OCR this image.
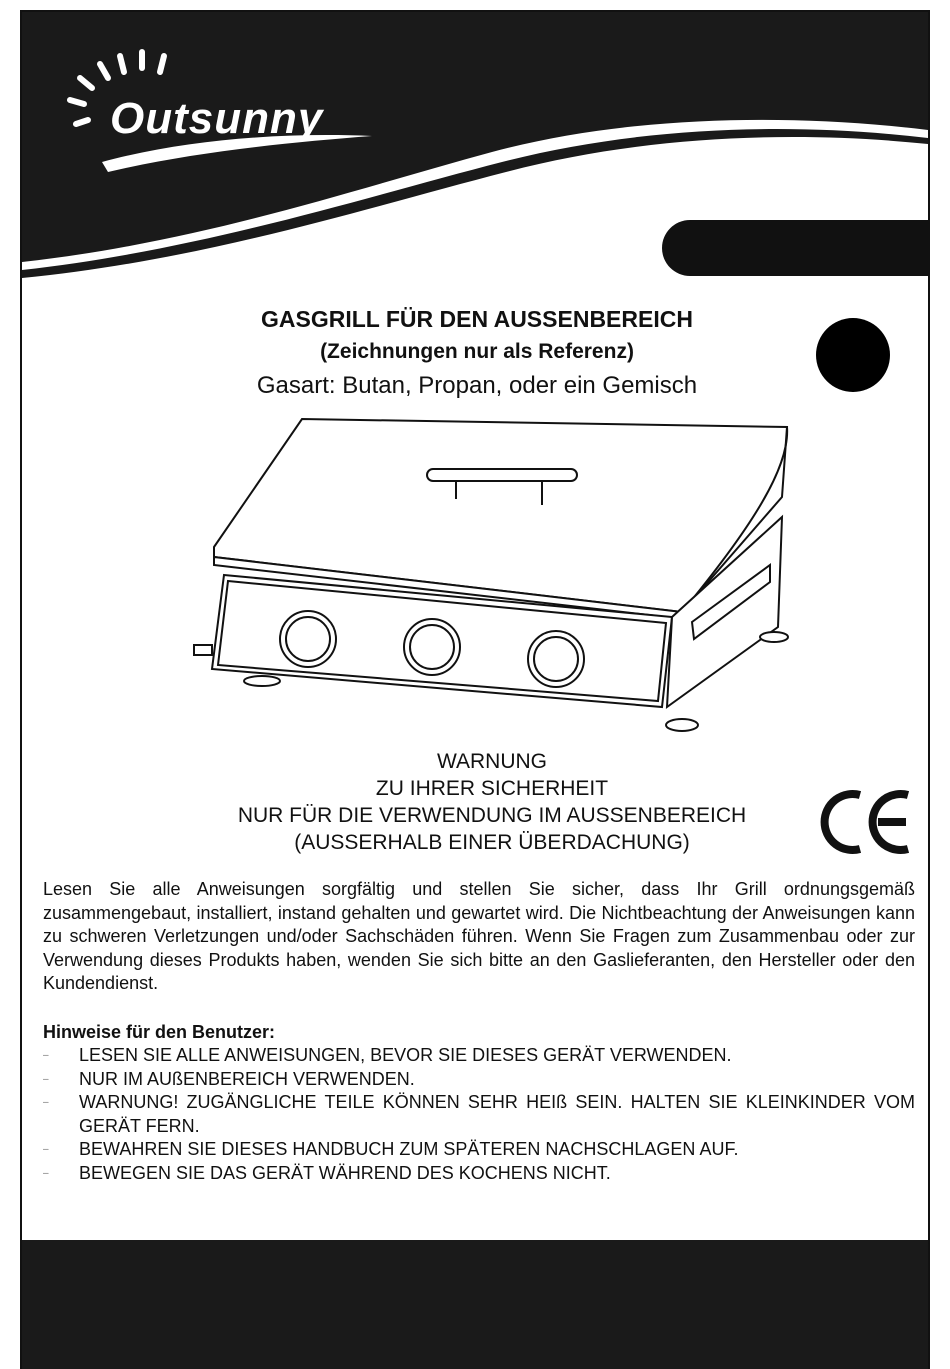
Outsunny
GASGRILL FÜR DEN AUSSENBEREICH
(Zeichnungen nur als Referenz)
Gasart: Butan, Propan, oder ein Gemisch
WARNUNG
ZU IHRER SICHERHEIT
NUR FÜR DIE VERWENDUNG IM AUSSENBEREICH
(AUSSERHALB EINER ÜBERDACHUNG)
Lesen Sie alle Anweisungen sorgfältig und stellen Sie sicher, dass Ihr Grill ordnungsgemäß zusammengebaut, installiert, instand gehalten und gewartet wird. Die Nichtbeachtung der Anweisungen kann zu schweren Verletzungen und/oder Sachschäden führen. Wenn Sie Fragen zum Zusammenbau oder zur Verwendung dieses Produkts haben, wenden Sie sich bitte an den Gaslieferanten, den Hersteller oder den Kundendienst.
Hinweise für den Benutzer:
– LESEN SIE ALLE ANWEISUNGEN, BEVOR SIE DIESES GERÄT VERWENDEN.
– NUR IM AUßENBEREICH VERWENDEN.
– WARNUNG! ZUGÄNGLICHE TEILE KÖNNEN SEHR HEIß SEIN. HALTEN SIE KLEINKINDER VOM GERÄT FERN.
– BEWAHREN SIE DIESES HANDBUCH ZUM SPÄTEREN NACHSCHLAGEN AUF.
– BEWEGEN SIE DAS GERÄT WÄHREND DES KOCHENS NICHT.
